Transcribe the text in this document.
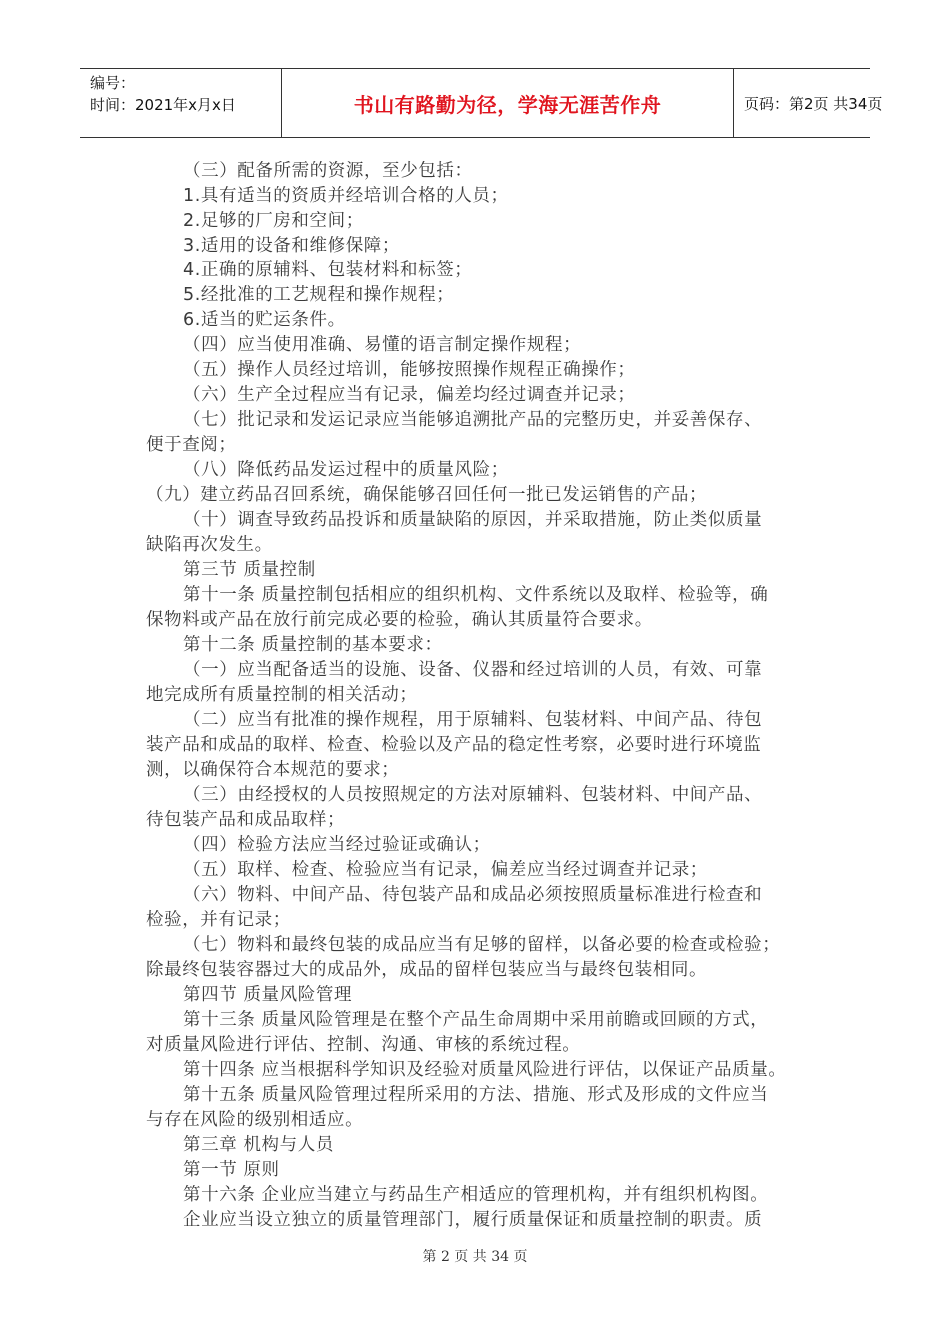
编号：
时间：2021年x月x日	书山有路勤为径，学海无涯苦作舟	页码：第2页 共34页
（三）配备所需的资源，至少包括：
1.具有适当的资质并经培训合格的人员；
2.足够的厂房和空间；
3.适用的设备和维修保障；
4.正确的原辅料、包装材料和标签；
5.经批准的工艺规程和操作规程；
6.适当的贮运条件。
（四）应当使用准确、易懂的语言制定操作规程；
（五）操作人员经过培训，能够按照操作规程正确操作；
（六）生产全过程应当有记录，偏差均经过调查并记录；
（七）批记录和发运记录应当能够追溯批产品的完整历史，并妥善保存、
便于查阅；
（八）降低药品发运过程中的质量风险；
（九）建立药品召回系统，确保能够召回任何一批已发运销售的产品；
（十）调查导致药品投诉和质量缺陷的原因，并采取措施，防止类似质量
缺陷再次发生。
第三节 质量控制
第十一条 质量控制包括相应的组织机构、文件系统以及取样、检验等，确
保物料或产品在放行前完成必要的检验，确认其质量符合要求。
第十二条 质量控制的基本要求：
（一）应当配备适当的设施、设备、仪器和经过培训的人员，有效、可靠
地完成所有质量控制的相关活动；
（二）应当有批准的操作规程，用于原辅料、包装材料、中间产品、待包
装产品和成品的取样、检查、检验以及产品的稳定性考察，必要时进行环境监
测，以确保符合本规范的要求；
（三）由经授权的人员按照规定的方法对原辅料、包装材料、中间产品、
待包装产品和成品取样；
（四）检验方法应当经过验证或确认；
（五）取样、检查、检验应当有记录，偏差应当经过调查并记录；
（六）物料、中间产品、待包装产品和成品必须按照质量标准进行检查和
检验，并有记录；
（七）物料和最终包装的成品应当有足够的留样，以备必要的检查或检验；
除最终包装容器过大的成品外，成品的留样包装应当与最终包装相同。
第四节 质量风险管理
第十三条 质量风险管理是在整个产品生命周期中采用前瞻或回顾的方式，
对质量风险进行评估、控制、沟通、审核的系统过程。
第十四条 应当根据科学知识及经验对质量风险进行评估，以保证产品质量。
第十五条 质量风险管理过程所采用的方法、措施、形式及形成的文件应当
与存在风险的级别相适应。
第三章 机构与人员
第一节 原则
第十六条 企业应当建立与药品生产相适应的管理机构，并有组织机构图。
企业应当设立独立的质量管理部门，履行质量保证和质量控制的职责。质
第 2 页 共 34 页
